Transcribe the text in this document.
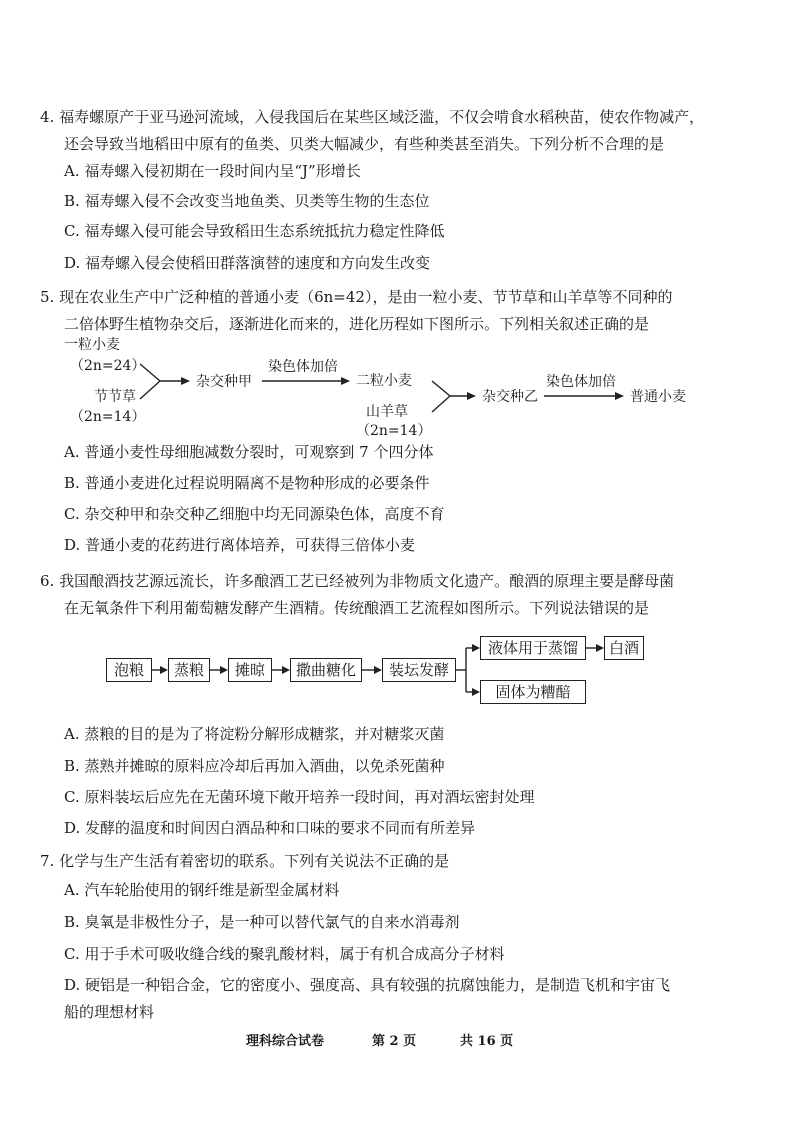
4. 福寿螺原产于亚马逊河流域，入侵我国后在某些区域泛滥，不仅会啃食水稻秧苗，使农作物减产，
还会导致当地稻田中原有的鱼类、贝类大幅减少，有些种类甚至消失。下列分析不合理的是
A. 福寿螺入侵初期在一段时间内呈“J”形增长
B. 福寿螺入侵不会改变当地鱼类、贝类等生物的生态位
C. 福寿螺入侵可能会导致稻田生态系统抵抗力稳定性降低
D. 福寿螺入侵会使稻田群落演替的速度和方向发生改变
5. 现在农业生产中广泛种植的普通小麦（6n=42），是由一粒小麦、节节草和山羊草等不同种的
二倍体野生植物杂交后，逐渐进化而来的，进化历程如下图所示。下列相关叙述正确的是
一粒小麦
（2n=24）
节节草
（2n=14）
杂交种甲
染色体加倍
二粒小麦
山羊草
（2n=14）
杂交种乙
染色体加倍
普通小麦
A. 普通小麦性母细胞减数分裂时，可观察到 7 个四分体
B. 普通小麦进化过程说明隔离不是物种形成的必要条件
C. 杂交种甲和杂交种乙细胞中均无同源染色体，高度不育
D. 普通小麦的花药进行离体培养，可获得三倍体小麦
6. 我国酿酒技艺源远流长，许多酿酒工艺已经被列为非物质文化遗产。酿酒的原理主要是酵母菌
在无氧条件下利用葡萄糖发酵产生酒精。传统酿酒工艺流程如图所示。下列说法错误的是
泡粮	蒸粮	摊晾	撒曲糖化	装坛发酵
液体用于蒸馏	白酒
固体为糟醅
A. 蒸粮的目的是为了将淀粉分解形成糖浆，并对糖浆灭菌
B. 蒸熟并摊晾的原料应冷却后再加入酒曲，以免杀死菌种
C. 原料装坛后应先在无菌环境下敞开培养一段时间，再对酒坛密封处理
D. 发酵的温度和时间因白酒品种和口味的要求不同而有所差异
7. 化学与生产生活有着密切的联系。下列有关说法不正确的是
A. 汽车轮胎使用的钢纤维是新型金属材料
B. 臭氧是非极性分子，是一种可以替代氯气的自来水消毒剂
C. 用于手术可吸收缝合线的聚乳酸材料，属于有机合成高分子材料
D. 硬铝是一种铝合金，它的密度小、强度高、具有较强的抗腐蚀能力，是制造飞机和宇宙飞
船的理想材料
理科综合试卷	第 2 页	共 16 页
